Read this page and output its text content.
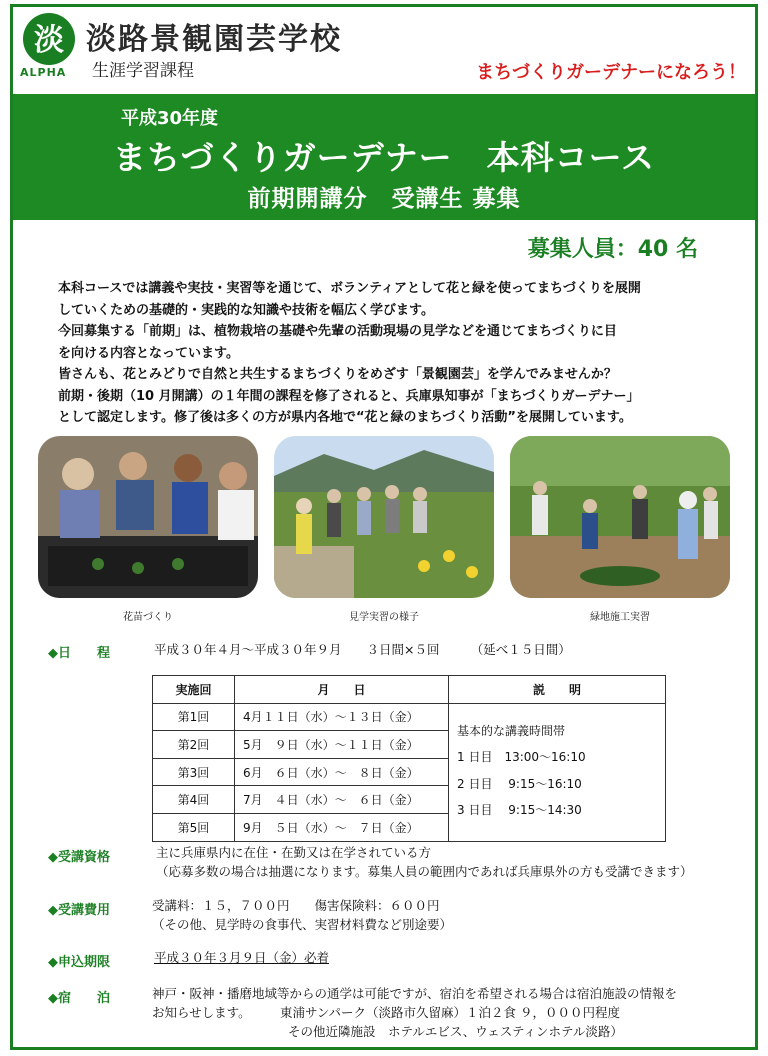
淡
ALPHA
淡路景観園芸学校
生涯学習課程	まちづくりガーデナーになろう！
平成30年度
まちづくりガーデナー　本科コース
前期開講分　受講生 募集
募集人員：40 名

本科コースでは講義や実技・実習等を通じて、ボランティアとして花と緑を使ってまちづくりを展開

していくための基礎的・実践的な知識や技術を幅広く学びます。

今回募集する「前期」は、植物栽培の基礎や先輩の活動現場の見学などを通じてまちづくりに目

を向ける内容となっています。

皆さんも、花とみどりで自然と共生するまちづくりをめざす「景観園芸」を学んでみませんか？

前期・後期（10 月開講）の１年間の課程を修了されると、兵庫県知事が「まちづくりガーデナー」

として認定します。修了後は多くの方が県内各地で“花と緑のまちづくり活動”を展開しています。

花苗づくり	見学実習の様子	緑地施工実習
◆日　　程	平成３０年４月～平成３０年９月　　３日間×５回　　　（延べ１５日間）
実施回	月　　日	説　　明
第1回	4月１１日（水）～１３日（金）	基本的な講義時間帯
1 日目　13:00～16:10
2 日目　 9:15～16:10
3 日目　 9:15～14:30

第2回	5月　９日（水）～１１日（金）	
第3回	6月　６日（水）～　８日（金）	
第4回	7月　４日（水）～　６日（金）	
第5回	9月　５日（水）～　７日（金）	
◆受講資格	主に兵庫県内に在住・在勤又は在学されている方
（応募多数の場合は抽選になります。募集人員の範囲内であれば兵庫県外の方も受講できます）
◆受講費用	受講料：１５，７００円　　傷害保険料：６００円
（その他、見学時の食事代、実習材料費など別途要）
◆申込期限	平成３０年３月９日（金）必着
◆宿　　泊	神戸・阪神・播磨地域等からの通学は可能ですが、宿泊を希望される場合は宿泊施設の情報を
お知らせします。 東浦サンパーク（淡路市久留麻）１泊２食 ９，０００円程度
その他近隣施設　ホテルエビス、ウェスティンホテル淡路）
